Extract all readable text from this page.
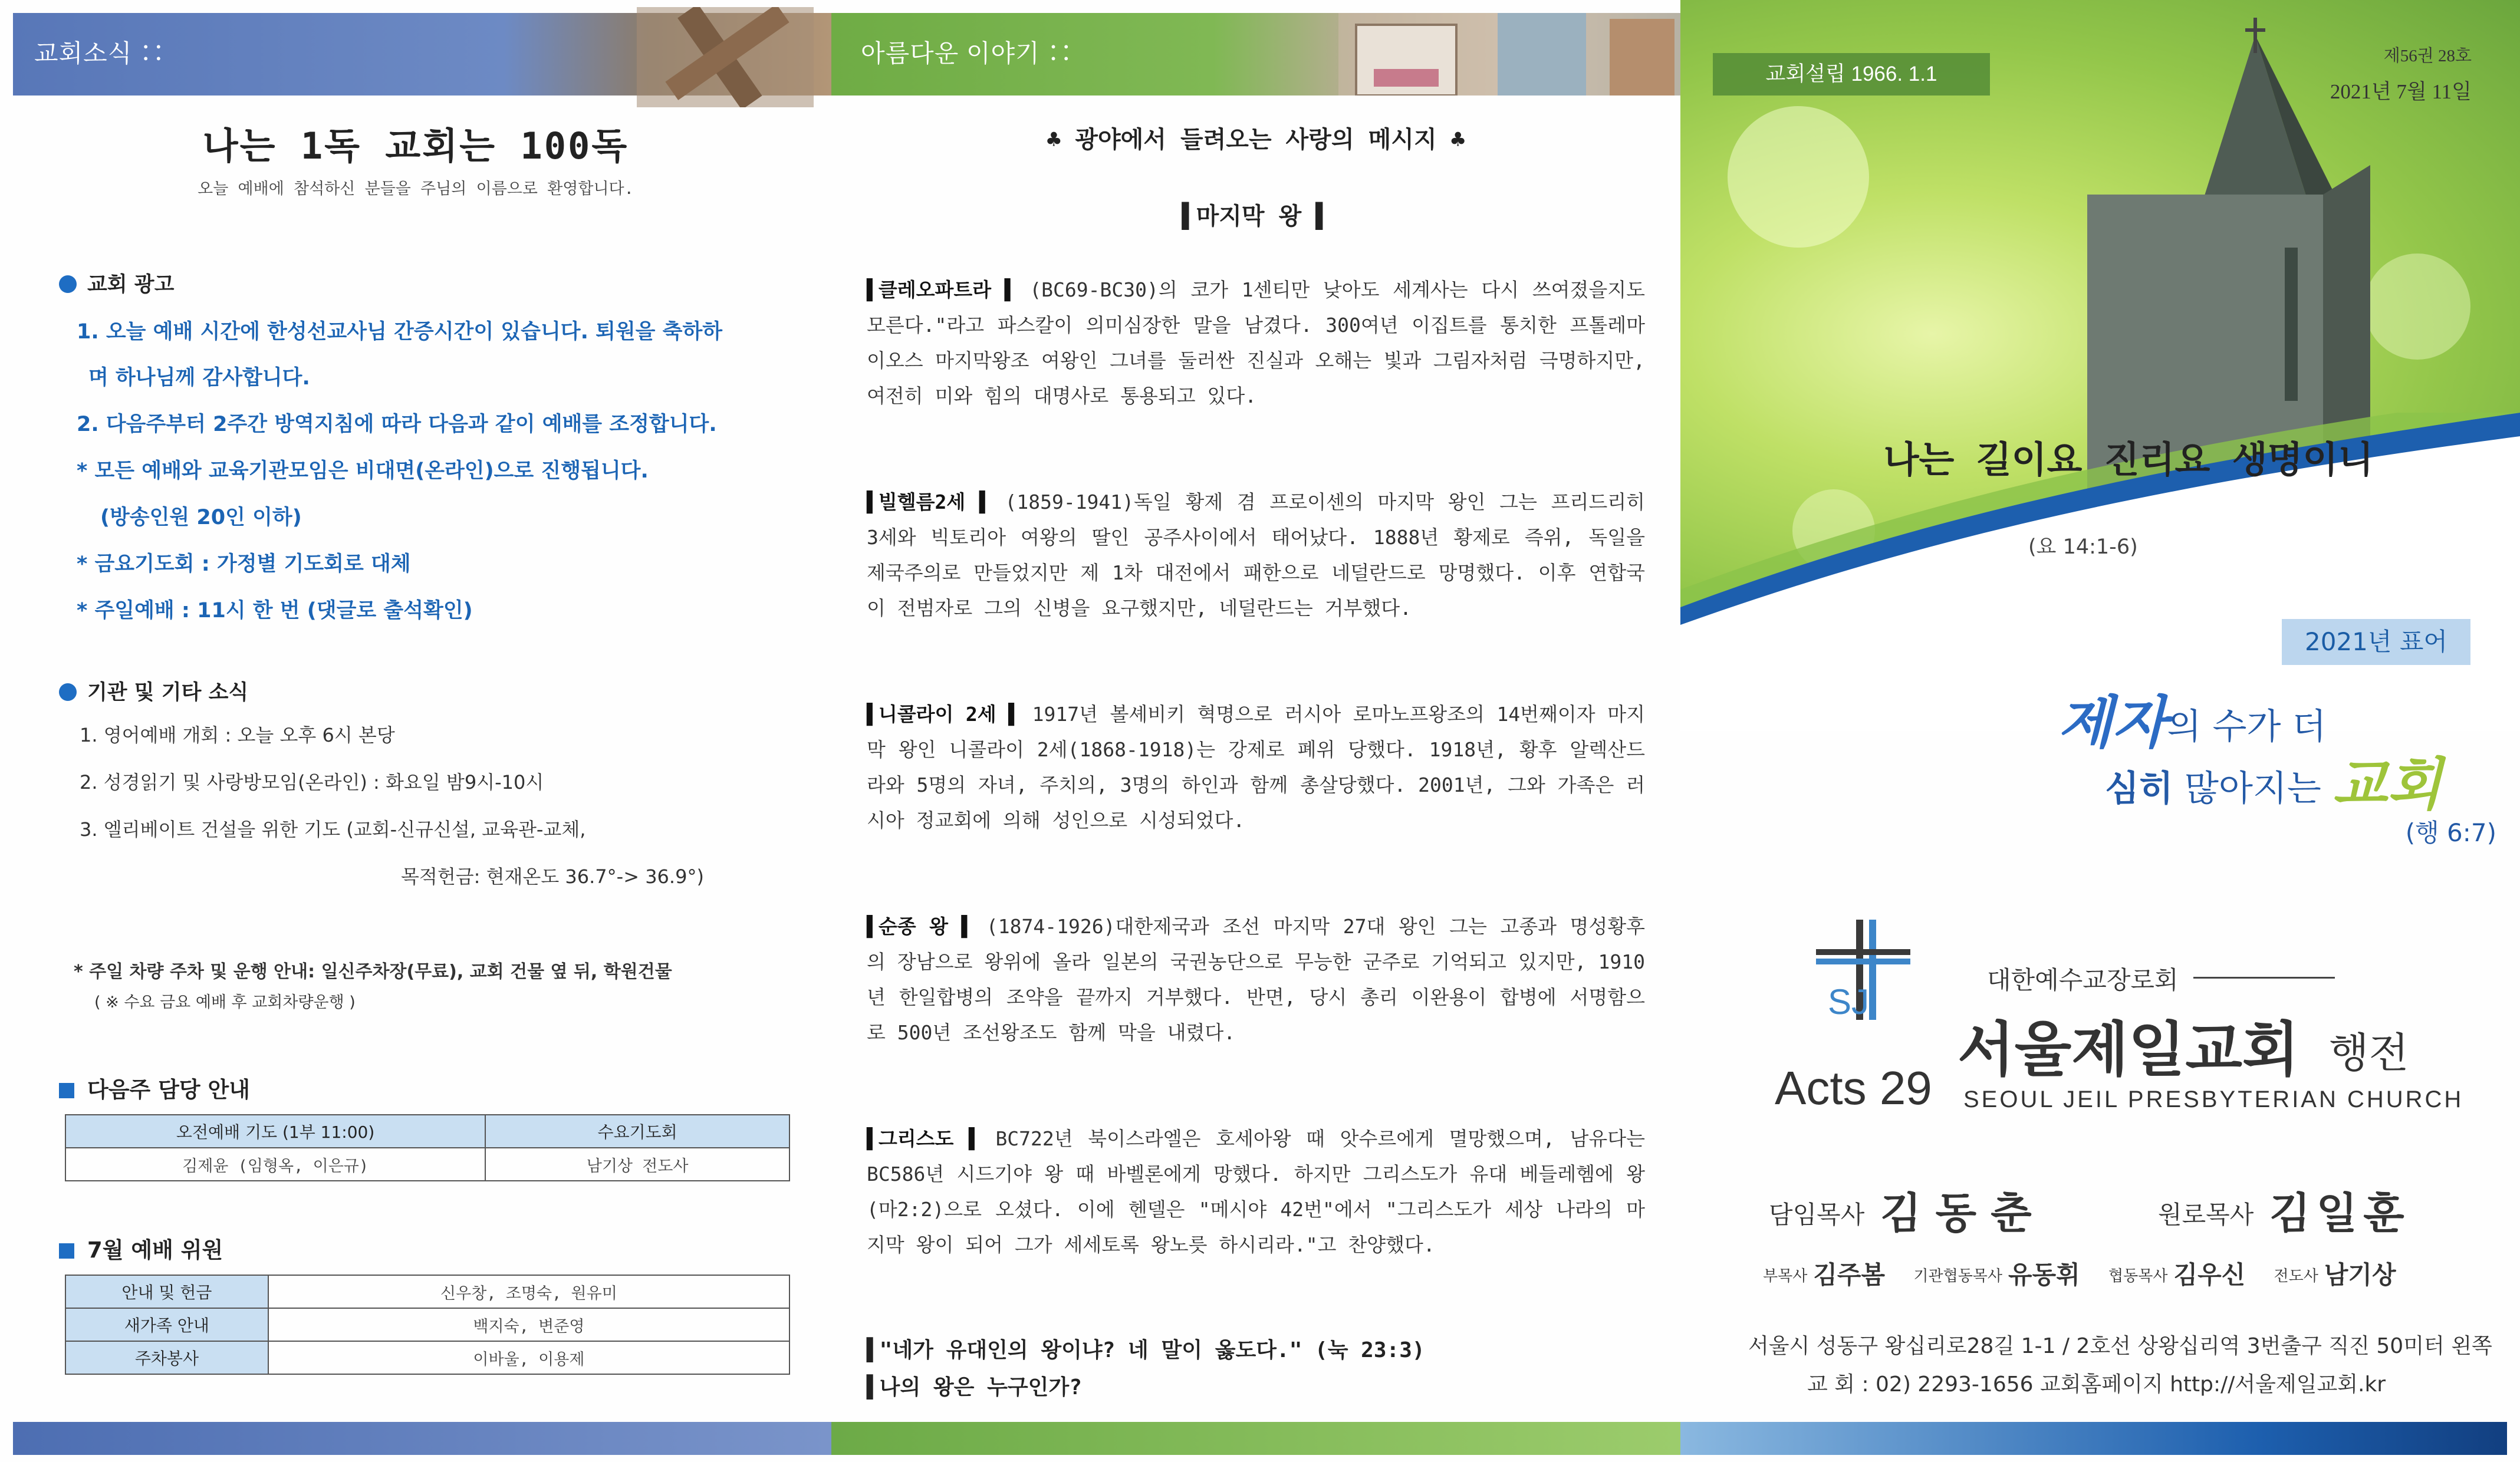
교회소식 ∷
나는 1독 교회는 100독
오늘 예배에 참석하신 분들을 주님의 이름으로 환영합니다.
교회 광고
1. 오늘 예배 시간에 한성선교사님 간증시간이 있습니다. 퇴원을 축하하
며 하나님께 감사합니다.
2. 다음주부터 2주간 방역지침에 따라 다음과 같이 예배를 조정합니다.
* 모든 예배와 교육기관모임은 비대면(온라인)으로 진행됩니다.
(방송인원 20인 이하)
* 금요기도회 : 가정별 기도회로 대체
* 주일예배 : 11시 한 번 (댓글로 출석확인)
기관 및 기타 소식
1. 영어예배 개회 : 오늘 오후 6시 본당
2. 성경읽기 및 사랑방모임(온라인) : 화요일 밤9시-10시
3. 엘리베이트 건설을 위한 기도 (교회-신규신설, 교육관-교체,
목적헌금: 현재온도 36.7°-> 36.9°)
* 주일 차량 주차 및 운행 안내: 일신주차장(무료), 교회 건물 옆 뒤, 학원건물
( ※ 수요 금요 예배 후 교회차량운행 )
다음주 담당 안내
오전예배 기도 (1부 11:00)	수요기도회
김제윤 (임형옥, 이은규)	남기상 전도사
7월 예배 위원
안내 및 헌금	신우창, 조명숙, 원유미
새가족 안내	백지숙, 변준영
주차봉사	이바울, 이용제
아름다운 이야기 ∷
♣ 광야에서 들려오는 사랑의 메시지 ♣
▌마지막 왕 ▌
▌클레오파트라 ▌ (BC69-BC30)의 코가 1센티만 낮아도 세계사는 다시 쓰여졌을지도 모른다."라고 파스칼이 의미심장한 말을 남겼다. 300여년 이집트를 통치한 프톨레마이오스 마지막왕조 여왕인 그녀를 둘러싼 진실과 오해는 빛과 그림자처럼 극명하지만, 여전히 미와 힘의 대명사로 통용되고 있다.
▌빌헬름2세 ▌ (1859-1941)독일 황제 겸 프로이센의 마지막 왕인 그는 프리드리히 3세와 빅토리아 여왕의 딸인 공주사이에서 태어났다. 1888년 황제로 즉위, 독일을 제국주의로 만들었지만 제 1차 대전에서 패한으로 네덜란드로 망명했다. 이후 연합국이 전범자로 그의 신병을 요구했지만, 네덜란드는 거부했다.
▌니콜라이 2세 ▌ 1917년 볼셰비키 혁명으로 러시아 로마노프왕조의 14번째이자 마지막 왕인 니콜라이 2세(1868-1918)는 강제로 폐위 당했다. 1918년, 황후 알렉산드라와 5명의 자녀, 주치의, 3명의 하인과 함께 총살당했다. 2001년, 그와 가족은 러시아 정교회에 의해 성인으로 시성되었다.
▌순종 왕 ▌ (1874-1926)대한제국과 조선 마지막 27대 왕인 그는 고종과 명성황후의 장남으로 왕위에 올라 일본의 국권농단으로 무능한 군주로 기억되고 있지만, 1910년 한일합병의 조약을 끝까지 거부했다. 반면, 당시 총리 이완용이 합병에 서명함으로 500년 조선왕조도 함께 막을 내렸다.
▌그리스도 ▌ BC722년 북이스라엘은 호세아왕 때 앗수르에게 멸망했으며, 남유다는 BC586년 시드기야 왕 때 바벨론에게 망했다. 하지만 그리스도가 유대 베들레헴에 왕(마2:2)으로 오셨다. 이에 헨델은 "메시야 42번"에서 "그리스도가 세상 나라의 마지막 왕이 되어 그가 세세토록 왕노릇 하시리라."고 찬양했다.
▌"네가 유대인의 왕이냐? 네 말이 옳도다." (눅 23:3)
▌나의 왕은 누구인가?
제56권 28호
2021년 7월 11일
교회설립 1966. 1.1
나는 길이요 진리요 생명이니
(요 14:1-6)
2021년 표어
제자의 수가 더
심히 많아지는 교회
(행 6:7)
SJ
Acts 29
대한예수교장로회
서울제일교회 행전
SEOUL JEIL PRESBYTERIAN CHURCH
담임목사 김동춘	원로목사 김일훈
부목사 김주봄 기관협동목사 유동휘 협동목사 김우신 전도사 남기상
서울시 성동구 왕십리로28길 1-1 / 2호선 상왕십리역 3번출구 직진 50미터 왼쪽
교 회 : 02) 2293-1656 교회홈페이지 http://서울제일교회.kr
